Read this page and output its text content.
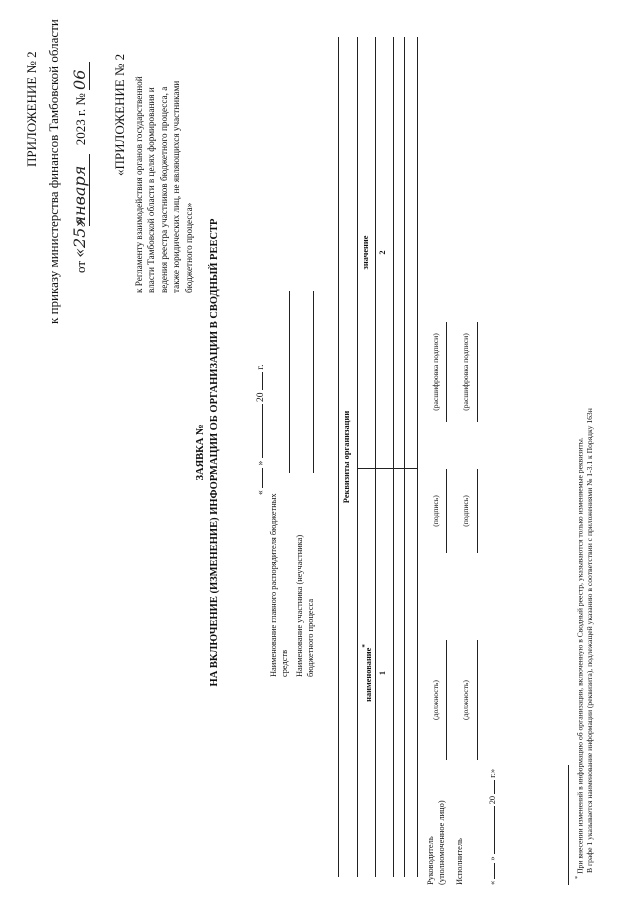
ПРИЛОЖЕНИЕ № 2 к приказу министерства финансов Тамбовской области от «25» января 2023 г. № 06 «ПРИЛОЖЕНИЕ № 2 к Регламенту взаимодействия органов государственной власти Тамбовской области в целях формирования и ведения реестра участников бюджетного процесса, а также юридических лиц, не являющихся участниками бюджетного процесса»
ЗАЯВКА № НА ВКЛЮЧЕНИЕ (ИЗМЕНЕНИЕ) ИНФОРМАЦИИ ОБ ОРГАНИЗАЦИИ В СВОДНЫЙ РЕЕСТР	«  »  20  г.
Наименование главного распорядителя бюджетных средств Наименование участника (неучастника) бюджетного процесса
Реквизиты организации
наименование*
значение
1
2
Руководитель (уполномоченное лицо) Исполнитель
(должность)
(подпись)
(расшифровка подписи)
(должность)
(подпись)
(расшифровка подписи)
«  »  20  г.»
* При внесении изменений в информацию об организации, включенную в Сводный реестр, указываются только изменяемые реквизиты. В графе 1 указывается наименование информации (реквизита), подлежащей указанию в соответствии с приложениями № 1-3.1 к Порядку 163н
